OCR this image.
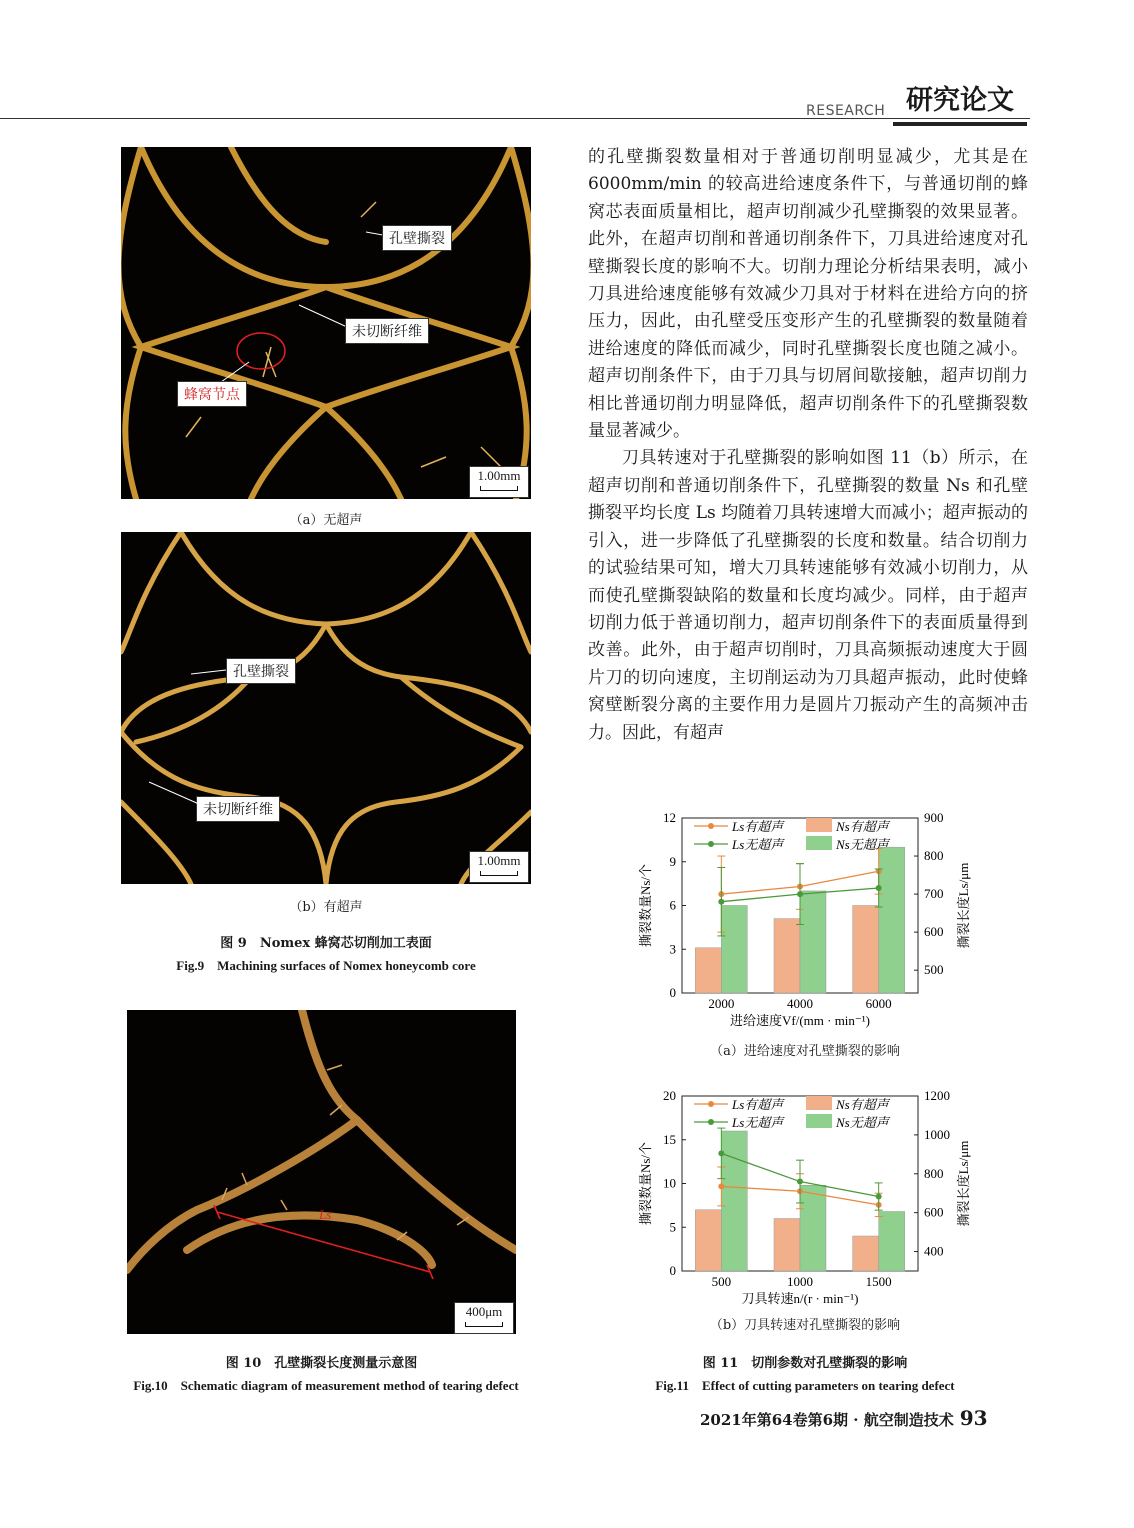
RESEARCH 研究论文
孔壁撕裂
未切断纤维
蜂窝节点
1.00mm
（a）无超声
孔壁撕裂
未切断纤维
1.00mm
（b）有超声
图 9　Nomex 蜂窝芯切削加工表面
Fig.9　Machining surfaces of Nomex honeycomb core
Ls
400μm
图 10　孔壁撕裂长度测量示意图
Fig.10　Schematic diagram of measurement method of tearing defect

的孔壁撕裂数量相对于普通切削明显减少，尤其是在6000mm/min 的较高进给速度条件下，与普通切削的蜂窝芯表面质量相比，超声切削减少孔壁撕裂的效果显著。此外，在超声切削和普通切削条件下，刀具进给速度对孔壁撕裂长度的影响不大。切削力理论分析结果表明，减小刀具进给速度能够有效减少刀具对于材料在进给方向的挤压力，因此，由孔壁受压变形产生的孔壁撕裂的数量随着进给速度的降低而减少，同时孔壁撕裂长度也随之减小。超声切削条件下，由于刀具与切屑间歇接触，超声切削力相比普通切削力明显降低，超声切削条件下的孔壁撕裂数量显著减少。

刀具转速对于孔壁撕裂的影响如图 11（b）所示，在超声切削和普通切削条件下，孔壁撕裂的数量 Ns 和孔壁撕裂平均长度 Ls 均随着刀具转速增大而减小；超声振动的引入，进一步降低了孔壁撕裂的长度和数量。结合切削力的试验结果可知，增大刀具转速能够有效减小切削力，从而使孔壁撕裂缺陷的数量和长度均减少。同样，由于超声切削力低于普通切削力，超声切削条件下的表面质量得到改善。此外，由于超声切削时，刀具高频振动速度大于圆片刀的切向速度，主切削运动为刀具超声振动，此时使蜂窝壁断裂分离的主要作用力是圆片刀振动产生的高频冲击力。因此，有超声

0
3
6
9
12
500
600
700
800
900
2000	4000	6000
进给速度Vf/(mm · min⁻¹)
撕裂数量Ns/个	撕裂长度Ls/μm
Ls有超声
Ls无超声
Ns有超声
Ns无超声
（a）进给速度对孔壁撕裂的影响
0
5
10
15
20
400
600
800
1000
1200
500	1000	1500
刀具转速n/(r · min⁻¹)
撕裂数量Ns/个	撕裂长度Ls/μm
Ls有超声
Ls无超声
Ns有超声
Ns无超声
（b）刀具转速对孔壁撕裂的影响
图 11　切削参数对孔壁撕裂的影响
Fig.11　Effect of cutting parameters on tearing defect
2021年第64卷第6期 · 航空制造技术 93
